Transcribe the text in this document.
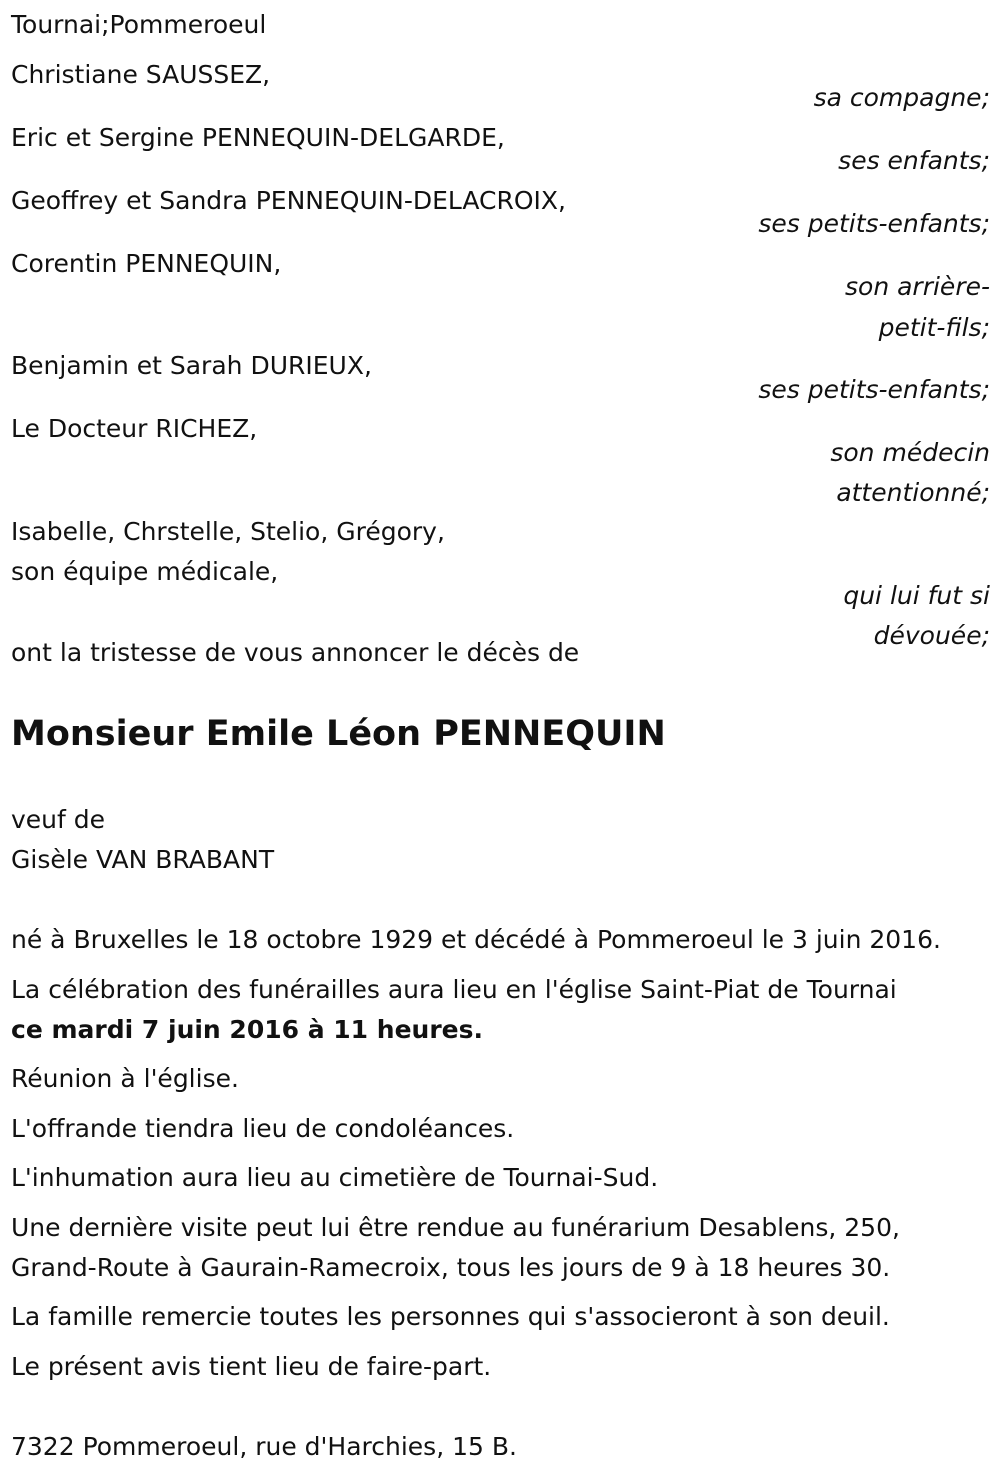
Tournai;Pommeroeul
Christiane SAUSSEZ,
sa compagne;
Eric et Sergine PENNEQUIN-DELGARDE,
ses enfants;
Geoffrey et Sandra PENNEQUIN-DELACROIX,
ses petits-enfants;
Corentin PENNEQUIN,
son arrière-
petit-fils;
Benjamin et Sarah DURIEUX,
ses petits-enfants;
Le Docteur RICHEZ,
son médecin
attentionné;
Isabelle, Chrstelle, Stelio, Grégory,
son équipe médicale,
qui lui fut si
dévouée;
ont la tristesse de vous annoncer le décès de
Monsieur Emile Léon PENNEQUIN
veuf de
Gisèle VAN BRABANT
né à Bruxelles le 18 octobre 1929 et décédé à Pommeroeul le 3 juin 2016.
La célébration des funérailles aura lieu en l'église Saint-Piat de Tournai
ce mardi 7 juin 2016 à 11 heures.
Réunion à l'église.
L'offrande tiendra lieu de condoléances.
L'inhumation aura lieu au cimetière de Tournai-Sud.
Une dernière visite peut lui être rendue au funérarium Desablens, 250,
Grand-Route à Gaurain-Ramecroix, tous les jours de 9 à 18 heures 30.
La famille remercie toutes les personnes qui s'associeront à son deuil.
Le présent avis tient lieu de faire-part.
7322 Pommeroeul, rue d'Harchies, 15 B.
